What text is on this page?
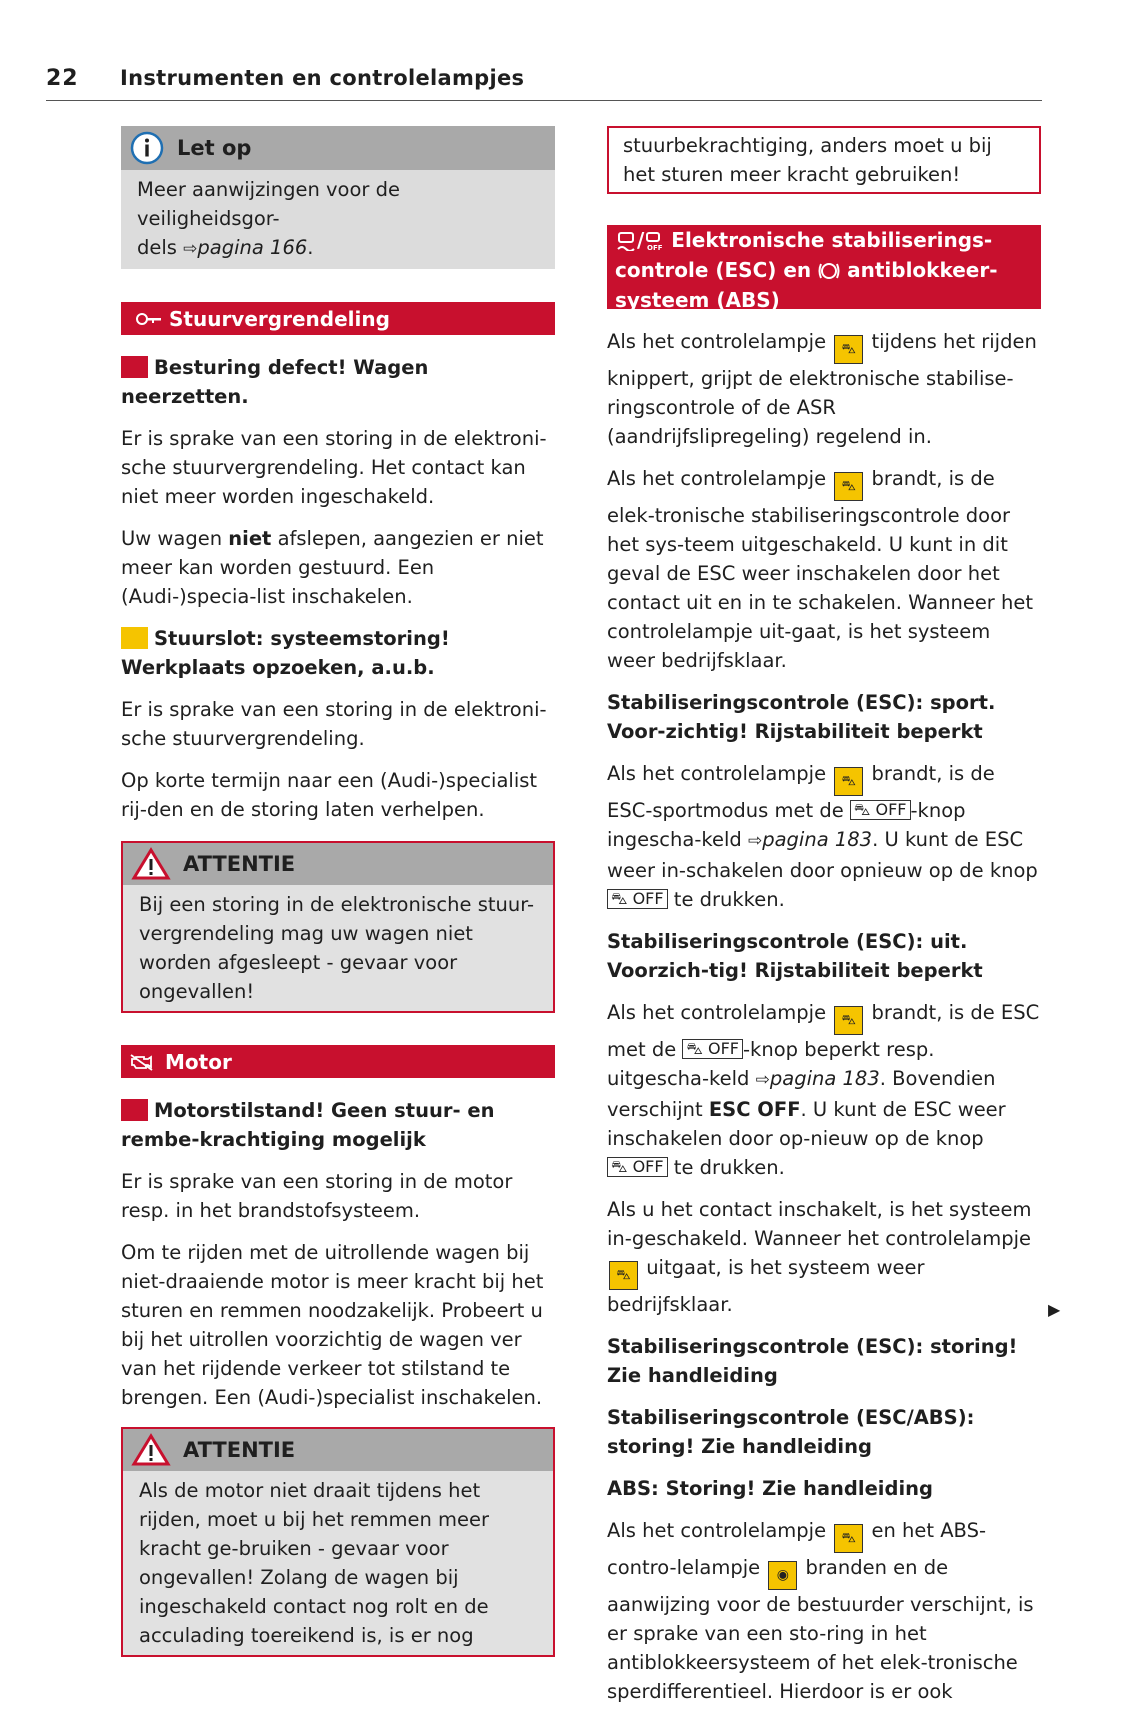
22 Instrumenten en controlelampjes
Let op
Meer aanwijzingen voor de veiligheidsgor-
dels ⇨pagina 166.
Stuurvergrendeling
Besturing defect! Wagen neerzetten.

Er is sprake van een storing in de elektroni-sche stuurvergrendeling. Het contact kan niet meer worden ingeschakeld.

Uw wagen niet afslepen, aangezien er niet meer kan worden gestuurd. Een (Audi-)specia-list inschakelen.

Stuurslot: systeemstoring! Werkplaats opzoeken, a.u.b.

Er is sprake van een storing in de elektroni-sche stuurvergrendeling.

Op korte termijn naar een (Audi-)specialist rij-den en de storing laten verhelpen.

ATTENTIE
Bij een storing in de elektronische stuur-vergrendeling mag uw wagen niet worden afgesleept - gevaar voor ongevallen!
Motor
Motorstilstand! Geen stuur- en rembe-krachtiging mogelijk

Er is sprake van een storing in de motor resp. in het brandstofsysteem.

Om te rijden met de uitrollende wagen bij niet-draaiende motor is meer kracht bij het sturen en remmen noodzakelijk. Probeert u bij het uitrollen voorzichtig de wagen ver van het rijdende verkeer tot stilstand te brengen. Een (Audi-)specialist inschakelen.

ATTENTIE
Als de motor niet draait tijdens het rijden, moet u bij het remmen meer kracht ge-bruiken - gevaar voor ongevallen! Zolang de wagen bij ingeschakeld contact nog rolt en de acculading toereikend is, is er nog
stuurbekrachtiging, anders moet u bij het sturen meer kracht gebruiken!
/ OFF Elektronische stabiliserings-
controle (ESC) en  antiblokkeer-
systeem (ABS)

Als het controlelampje ⛍ tijdens het rijden knippert, grijpt de elektronische stabilise-ringscontrole of de ASR (aandrijfslipregeling) regelend in.

Als het controlelampje ⛍ brandt, is de elek-tronische stabiliseringscontrole door het sys-teem uitgeschakeld. U kunt in dit geval de ESC weer inschakelen door het contact uit en in te schakelen. Wanneer het controlelampje uit-gaat, is het systeem weer bedrijfsklaar.

Stabiliseringscontrole (ESC): sport. Voor-zichtig! Rijstabiliteit beperkt

Als het controlelampje ⛍ brandt, is de ESC-sportmodus met de ⛍ OFF -knop ingescha-keld ⇨pagina 183. U kunt de ESC weer in-schakelen door opnieuw op de knop ⛍ OFF te drukken.

Stabiliseringscontrole (ESC): uit. Voorzich-tig! Rijstabiliteit beperkt

Als het controlelampje ⛍ brandt, is de ESC met de ⛍ OFF -knop beperkt resp. uitgescha-keld ⇨pagina 183. Bovendien verschijnt ESC OFF. U kunt de ESC weer inschakelen door op-nieuw op de knop ⛍ OFF te drukken.

Als u het contact inschakelt, is het systeem in-geschakeld. Wanneer het controlelampje ⛍ uitgaat, is het systeem weer bedrijfsklaar.

Stabiliseringscontrole (ESC): storing! Zie handleiding
Stabiliseringscontrole (ESC/ABS): storing! Zie handleiding
ABS: Storing! Zie handleiding

Als het controlelampje ⛍ en het ABS-contro-lelampje ◉ branden en de aanwijzing voor de bestuurder verschijnt, is er sprake van een sto-ring in het antiblokkeersysteem of het elek-tronische sperdifferentieel. Hierdoor is er ook

▶
